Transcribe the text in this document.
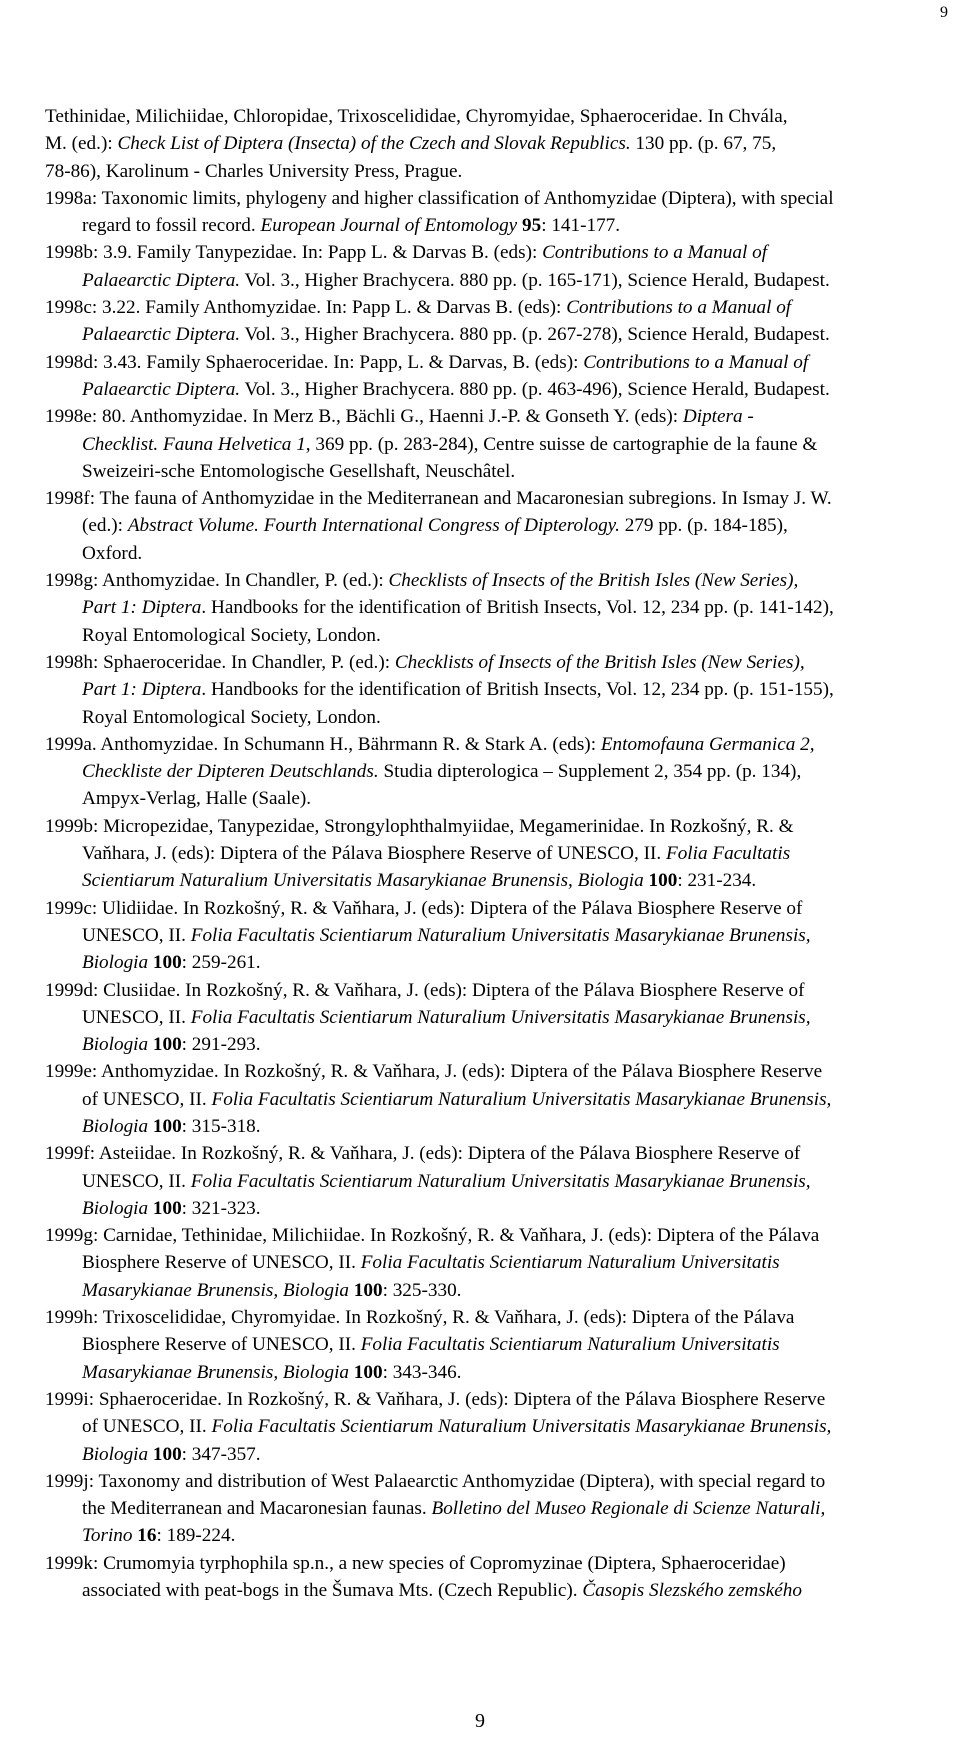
9
Tethinidae, Milichiidae, Chloropidae, Trixoscelididae, Chyromyidae, Sphaeroceridae. In Chvála,
M. (ed.): Check List of Diptera (Insecta) of the Czech and Slovak Republics. 130 pp. (p. 67, 75,
78-86), Karolinum - Charles University Press, Prague.
1998a: Taxonomic limits, phylogeny and higher classification of Anthomyzidae (Diptera), with special
regard to fossil record. European Journal of Entomology 95: 141-177.
1998b: 3.9. Family Tanypezidae. In: Papp L. & Darvas B. (eds): Contributions to a Manual of
Palaearctic Diptera. Vol. 3., Higher Brachycera. 880 pp. (p. 165-171), Science Herald, Budapest.
1998c: 3.22. Family Anthomyzidae. In: Papp L. & Darvas B. (eds): Contributions to a Manual of
Palaearctic Diptera. Vol. 3., Higher Brachycera. 880 pp. (p. 267-278), Science Herald, Budapest.
1998d: 3.43. Family Sphaeroceridae. In: Papp, L. & Darvas, B. (eds): Contributions to a Manual of
Palaearctic Diptera. Vol. 3., Higher Brachycera. 880 pp. (p. 463-496), Science Herald, Budapest.
1998e: 80. Anthomyzidae. In Merz B., Bächli G., Haenni J.-P. & Gonseth Y. (eds): Diptera -
Checklist. Fauna Helvetica 1, 369 pp. (p. 283-284), Centre suisse de cartographie de la faune &
Sweizeiri-sche Entomologische Gesellshaft, Neuschâtel.
1998f: The fauna of Anthomyzidae in the Mediterranean and Macaronesian subregions. In Ismay J. W.
(ed.): Abstract Volume. Fourth International Congress of Dipterology. 279 pp. (p. 184-185),
Oxford.
1998g: Anthomyzidae. In Chandler, P. (ed.): Checklists of Insects of the British Isles (New Series),
Part 1: Diptera. Handbooks for the identification of British Insects, Vol. 12, 234 pp. (p. 141-142),
Royal Entomological Society, London.
1998h: Sphaeroceridae. In Chandler, P. (ed.): Checklists of Insects of the British Isles (New Series),
Part 1: Diptera. Handbooks for the identification of British Insects, Vol. 12, 234 pp. (p. 151-155),
Royal Entomological Society, London.
1999a. Anthomyzidae. In Schumann H., Bährmann R. & Stark A. (eds): Entomofauna Germanica 2,
Checkliste der Dipteren Deutschlands. Studia dipterologica – Supplement 2, 354 pp. (p. 134),
Ampyx-Verlag, Halle (Saale).
1999b: Micropezidae, Tanypezidae, Strongylophthalmyiidae, Megamerinidae. In Rozkošný, R. &
Vaňhara, J. (eds): Diptera of the Pálava Biosphere Reserve of UNESCO, II. Folia Facultatis
Scientiarum Naturalium Universitatis Masarykianae Brunensis, Biologia 100: 231-234.
1999c: Ulidiidae. In Rozkošný, R. & Vaňhara, J. (eds): Diptera of the Pálava Biosphere Reserve of
UNESCO, II. Folia Facultatis Scientiarum Naturalium Universitatis Masarykianae Brunensis,
Biologia 100: 259-261.
1999d: Clusiidae. In Rozkošný, R. & Vaňhara, J. (eds): Diptera of the Pálava Biosphere Reserve of
UNESCO, II. Folia Facultatis Scientiarum Naturalium Universitatis Masarykianae Brunensis,
Biologia 100: 291-293.
1999e: Anthomyzidae. In Rozkošný, R. & Vaňhara, J. (eds): Diptera of the Pálava Biosphere Reserve
of UNESCO, II. Folia Facultatis Scientiarum Naturalium Universitatis Masarykianae Brunensis,
Biologia 100: 315-318.
1999f: Asteiidae. In Rozkošný, R. & Vaňhara, J. (eds): Diptera of the Pálava Biosphere Reserve of
UNESCO, II. Folia Facultatis Scientiarum Naturalium Universitatis Masarykianae Brunensis,
Biologia 100: 321-323.
1999g: Carnidae, Tethinidae, Milichiidae. In Rozkošný, R. & Vaňhara, J. (eds): Diptera of the Pálava
Biosphere Reserve of UNESCO, II. Folia Facultatis Scientiarum Naturalium Universitatis
Masarykianae Brunensis, Biologia 100: 325-330.
1999h: Trixoscelididae, Chyromyidae. In Rozkošný, R. & Vaňhara, J. (eds): Diptera of the Pálava
Biosphere Reserve of UNESCO, II. Folia Facultatis Scientiarum Naturalium Universitatis
Masarykianae Brunensis, Biologia 100: 343-346.
1999i: Sphaeroceridae. In Rozkošný, R. & Vaňhara, J. (eds): Diptera of the Pálava Biosphere Reserve
of UNESCO, II. Folia Facultatis Scientiarum Naturalium Universitatis Masarykianae Brunensis,
Biologia 100: 347-357.
1999j: Taxonomy and distribution of West Palaearctic Anthomyzidae (Diptera), with special regard to
the Mediterranean and Macaronesian faunas. Bolletino del Museo Regionale di Scienze Naturali,
Torino 16: 189-224.
1999k: Crumomyia tyrphophila sp.n., a new species of Copromyzinae (Diptera, Sphaeroceridae)
associated with peat-bogs in the Šumava Mts. (Czech Republic). Časopis Slezského zemského
9
